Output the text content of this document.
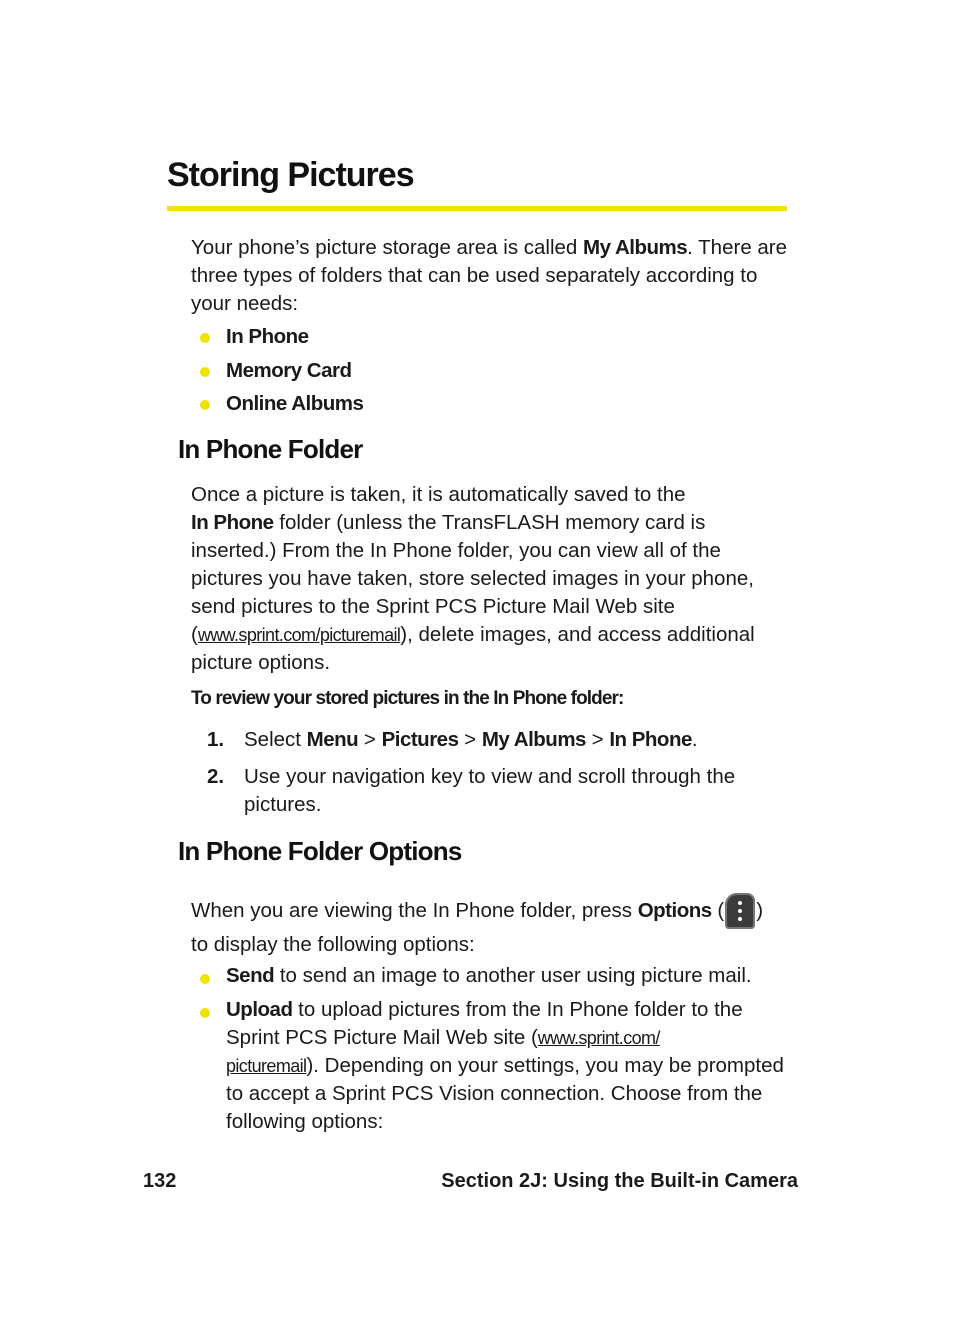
Storing Pictures

Your phone’s picture storage area is called My Albums. There are three types of folders that can be used separately according to your needs:

In Phone
Memory Card
Online Albums
In Phone Folder

Once a picture is taken, it is automatically saved to the
In Phone folder (unless the TransFLASH memory card is inserted.) From the In Phone folder, you can view all of the pictures you have taken, store selected images in your phone, send pictures to the Sprint PCS Picture Mail Web site (www.sprint.com/picturemail), delete images, and access additional picture options.

To review your stored pictures in the In Phone folder:
1. Select Menu > Pictures > My Albums > In Phone.
2. Use your navigation key to view and scroll through the pictures.
In Phone Folder Options

When you are viewing the In Phone folder, press Options ( )
to display the following options:

Send to send an image to another user using picture mail.
Upload to upload pictures from the In Phone folder to the Sprint PCS Picture Mail Web site (www.sprint.com/
picturemail). Depending on your settings, you may be prompted to accept a Sprint PCS Vision connection. Choose from the following options:

132	Section 2J: Using the Built-in Camera
